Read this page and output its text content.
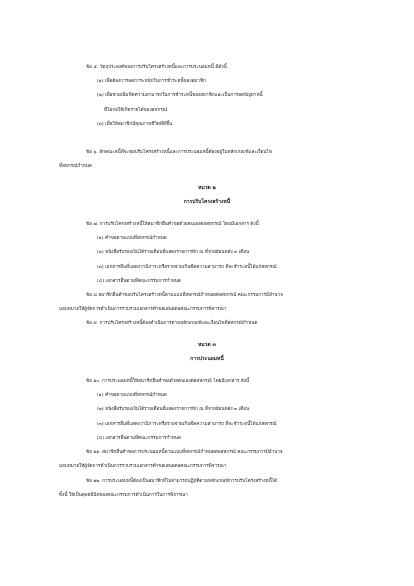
ข้อ ๕. วัตถุประสงค์ของการปรับโครงสร้างหนี้และการประนอมหนี้ มีดังนี้
(๑) เพื่อต้องการลดภาระหนักในการชำระหนี้ของสมาชิก
(๒) เพื่อช่วยเพิ่มขีดความสามารถในการชำระหนี้ของสมาชิกและเป็นการลดปัญหาหนี้
ที่ไม่ก่อให้เกิดรายได้ของสหกรณ์
(๓) เพื่อให้สมาชิกมีคุณภาพชีวิตที่ดีขึ้น
ข้อ ๖. ลักษณะหนี้ที่จะขอปรับโครงสร้างหนี้และการประนอมหนี้ต้องอยู่ในหลักเกณฑ์และเงื่อนไข
ที่สหกรณ์กำหนด
หมวด ๒
การปรับโครงสร้างหนี้
ข้อ ๗. การปรับโครงสร้างหนี้ให้สมาชิกยื่นคำขอด้วยตนเองต่อสหกรณ์ โดยมีเอกสาร ดังนี้
(๑) คำขอตามแบบที่สหกรณ์กำหนด
(๒) หนังสือรับรองเงินได้รายเดือนที่แสดงรายการหัก ณ ที่จ่ายย้อนหลัง ๓ เดือน
(๓) เอกสารอื่นที่แสดงว่ามีภาระหรือรายจ่ายเกินขีดความสามารถ ที่จะชำระหนี้ได้แก่สหกรณ์
(๔) เอกสารอื่นตามที่คณะกรรมการกำหนด
ข้อ ๘ สมาชิกยื่นคำขอปรับโครงสร้างหนี้ตามแบบที่สหกรณ์กำหนดต่อสหกรณ์ คณะกรรมการมีอำนาจ
มอบหมายให้ผู้จัดการดำเนินการรวบรวมเอกสารคำขอเสนอต่อคณะกรรมการพิจารณา
ข้อ ๙. การปรับโครงสร้างหนี้ต้องดำเนินการตามหลักเกณฑ์และเงื่อนไขที่สหกรณ์กำหนด
หมวด ๓
การประนอมหนี้
ข้อ ๑๐. การประนอมหนี้ให้สมาชิกยื่นคำขอด้วยตนเองต่อสหกรณ์ โดยมีเอกสาร ดังนี้
(๑) คำขอตามแบบที่สหกรณ์กำหนด
(๒) หนังสือรับรองเงินได้รายเดือนที่แสดงรายการหัก ณ ที่จ่ายย้อนหลัง ๓ เดือน
(๓) เอกสารอื่นที่แสดงว่ามีภาระหรือรายจ่ายเกินขีดความสามารถ ที่จะชำระหนี้ได้แก่สหกรณ์
(๔) เอกสารอื่นตามที่คณะกรรมการกำหนด
ข้อ ๑๑. สมาชิกยื่นคำขอการประนอมหนี้ตามแบบที่สหกรณ์กำหนดต่อสหกรณ์ คณะกรรมการมีอำนาจ
มอบหมายให้ผู้จัดการดำเนินการรวบรวมเอกสารคำขอเสนอต่อคณะกรรมการพิจารณา
ข้อ ๑๒. การประนอมหนี้ต้องเป็นสมาชิกที่ไม่สามารถปฏิบัติตามหลักเกณฑ์การปรับโครงสร้างหนี้ได้
ทั้งนี้ ให้เป็นดุลยพินิจของคณะกรรมการดำเนินการในการพิจารณา
